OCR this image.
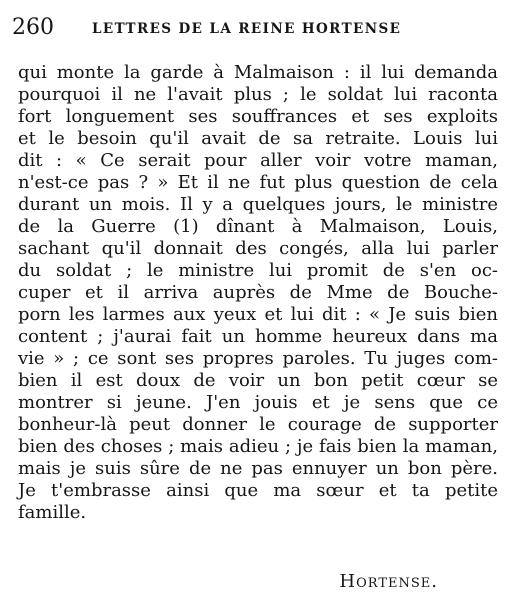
260	LETTRES DE LA REINE HORTENSE
qui monte la garde à Malmaison : il lui demanda
pourquoi il ne l'avait plus ; le soldat lui raconta
fort longuement ses souffrances et ses exploits
et le besoin qu'il avait de sa retraite. Louis lui
dit : « Ce serait pour aller voir votre maman,
n'est-ce pas ? » Et il ne fut plus question de cela
durant un mois. Il y a quelques jours, le ministre
de la Guerre (1) dînant à Malmaison, Louis,
sachant qu'il donnait des congés, alla lui parler
du soldat ; le ministre lui promit de s'en oc-
cuper et il arriva auprès de Mme de Bouche-
porn les larmes aux yeux et lui dit : « Je suis bien
content ; j'aurai fait un homme heureux dans ma
vie » ; ce sont ses propres paroles. Tu juges com-
bien il est doux de voir un bon petit cœur se
montrer si jeune. J'en jouis et je sens que ce
bonheur-là peut donner le courage de supporter
bien des choses ; mais adieu ; je fais bien la maman,
mais je suis sûre de ne pas ennuyer un bon père.
Je t'embrasse ainsi que ma sœur et ta petite
famille.
Hortense.
